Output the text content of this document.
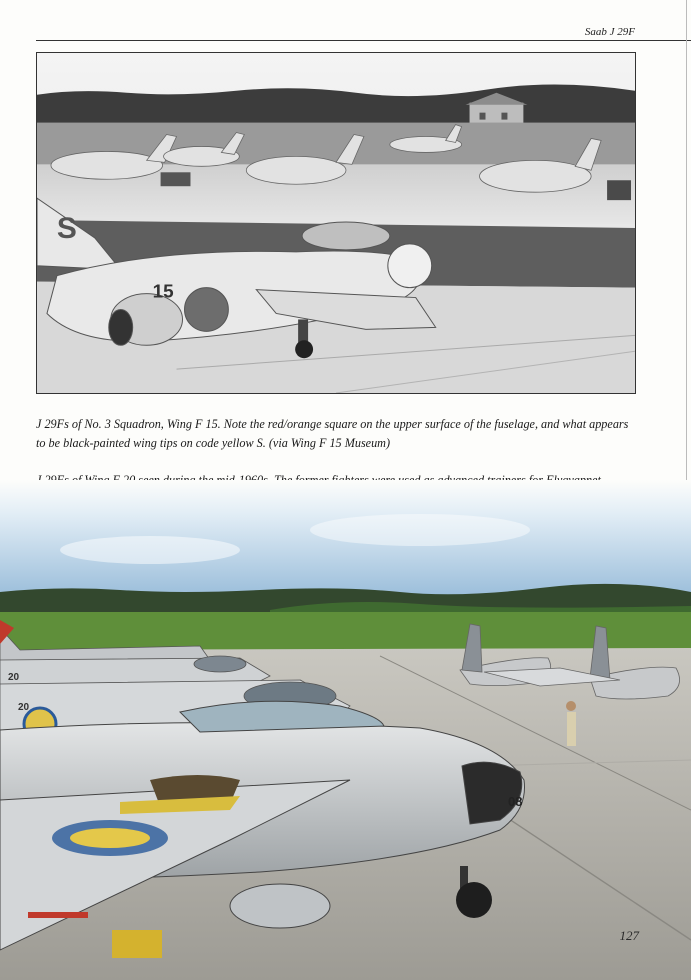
Saab J 29F
S
15

J 29Fs of No. 3 Squadron, Wing F 15. Note the red/orange square on the upper surface of the fuselage, and what appears to be black-painted wing tips on code yellow S. (via Wing F 15 Museum)

20
20
08
127
